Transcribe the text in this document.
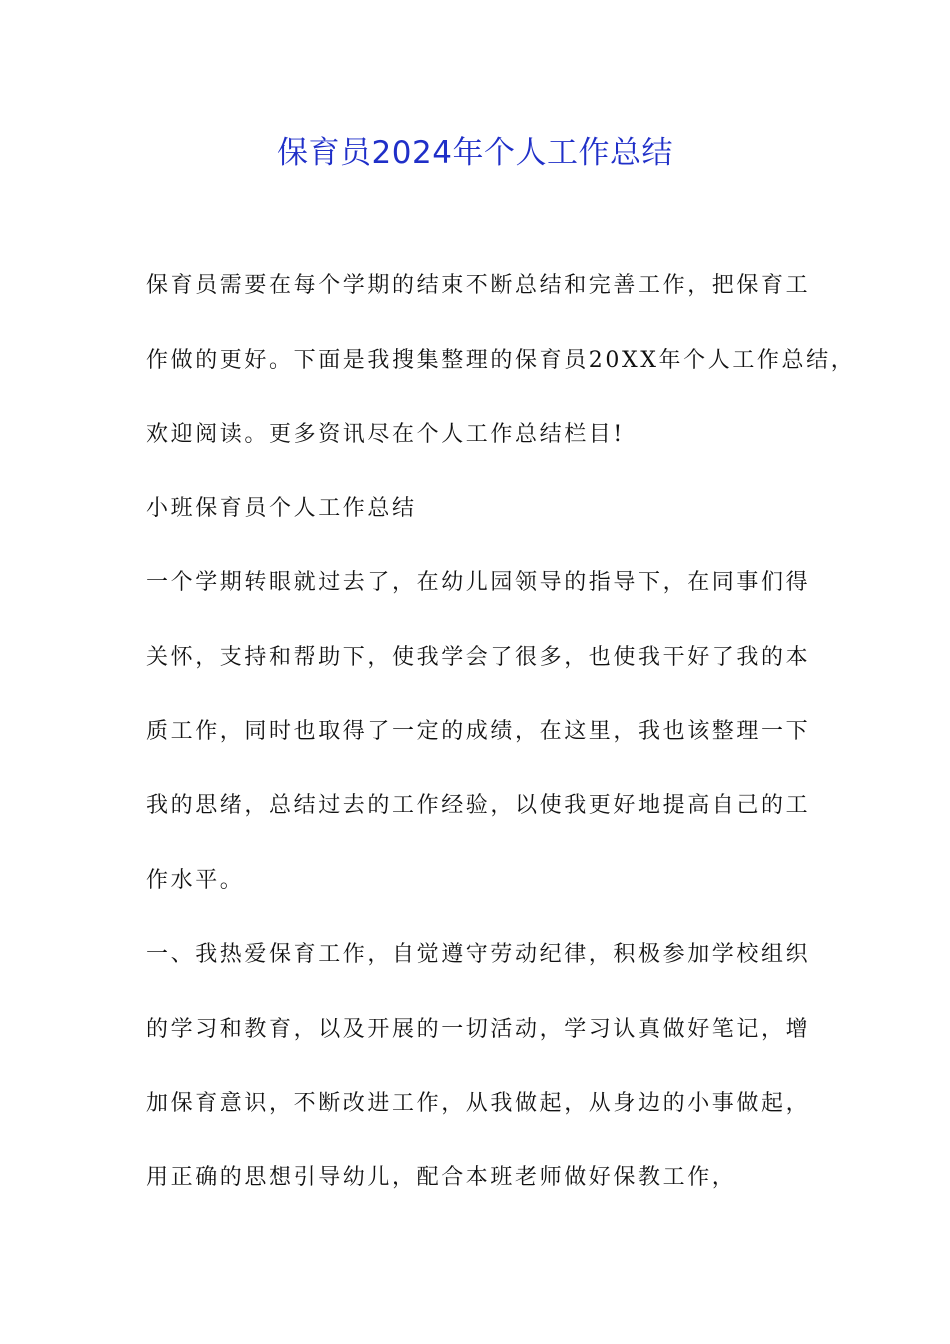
保育员2024年个人工作总结

保育员需要在每个学期的结束不断总结和完善工作，把保育工

作做的更好。下面是我搜集整理的保育员20XX年个人工作总结，

欢迎阅读。更多资讯尽在个人工作总结栏目!

小班保育员个人工作总结

一个学期转眼就过去了，在幼儿园领导的指导下，在同事们得

关怀，支持和帮助下，使我学会了很多，也使我干好了我的本

质工作，同时也取得了一定的成绩，在这里，我也该整理一下

我的思绪，总结过去的工作经验，以使我更好地提高自己的工

作水平。

一、我热爱保育工作，自觉遵守劳动纪律，积极参加学校组织

的学习和教育，以及开展的一切活动，学习认真做好笔记，增

加保育意识，不断改进工作，从我做起，从身边的小事做起，

用正确的思想引导幼儿，配合本班老师做好保教工作，
